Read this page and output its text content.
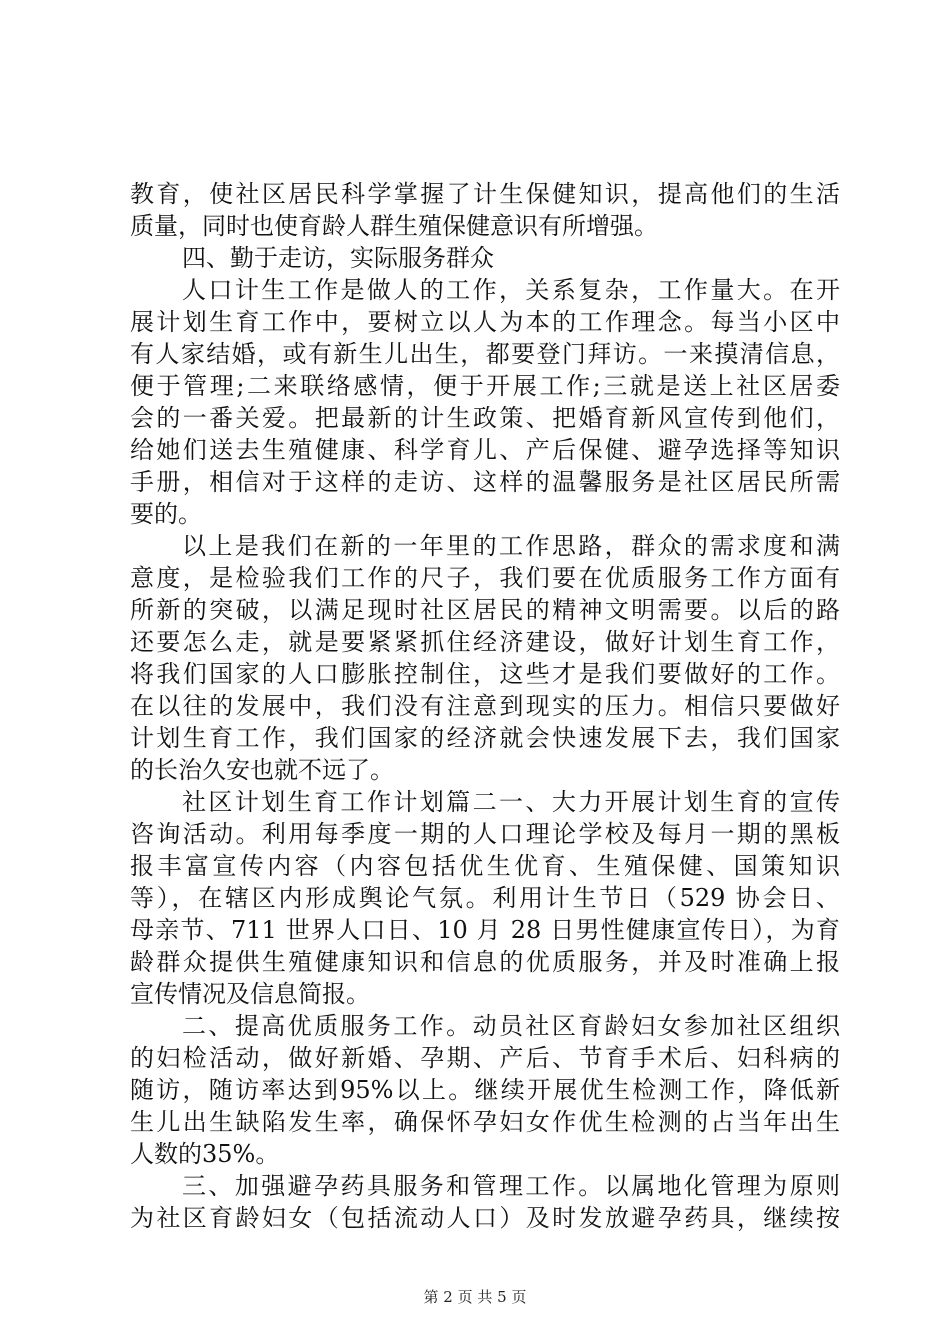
教育，使社区居民科学掌握了计生保健知识，提高他们的生活
质量，同时也使育龄人群生殖保健意识有所增强。
四、勤于走访，实际服务群众
人口计生工作是做人的工作，关系复杂，工作量大。在开
展计划生育工作中，要树立以人为本的工作理念。每当小区中
有人家结婚，或有新生儿出生，都要登门拜访。一来摸清信息，
便于管理;二来联络感情，便于开展工作;三就是送上社区居委
会的一番关爱。把最新的计生政策、把婚育新风宣传到他们，
给她们送去生殖健康、科学育儿、产后保健、避孕选择等知识
手册，相信对于这样的走访、这样的温馨服务是社区居民所需
要的。
以上是我们在新的一年里的工作思路，群众的需求度和满
意度，是检验我们工作的尺子，我们要在优质服务工作方面有
所新的突破，以满足现时社区居民的精神文明需要。以后的路
还要怎么走，就是要紧紧抓住经济建设，做好计划生育工作，
将我们国家的人口膨胀控制住，这些才是我们要做好的工作。
在以往的发展中，我们没有注意到现实的压力。相信只要做好
计划生育工作，我们国家的经济就会快速发展下去，我们国家
的长治久安也就不远了。
社区计划生育工作计划篇二一、大力开展计划生育的宣传
咨询活动。利用每季度一期的人口理论学校及每月一期的黑板
报丰富宣传内容（内容包括优生优育、生殖保健、国策知识
等），在辖区内形成舆论气氛。利用计生节日（529 协会日、
母亲节、711 世界人口日、10 月 28 日男性健康宣传日），为育
龄群众提供生殖健康知识和信息的优质服务，并及时准确上报
宣传情况及信息简报。
二、提高优质服务工作。动员社区育龄妇女参加社区组织
的妇检活动，做好新婚、孕期、产后、节育手术后、妇科病的
随访，随访率达到95%以上。继续开展优生检测工作，降低新
生儿出生缺陷发生率，确保怀孕妇女作优生检测的占当年出生
人数的35%。
三、加强避孕药具服务和管理工作。以属地化管理为原则
为社区育龄妇女（包括流动人口）及时发放避孕药具，继续按
第 2 页 共 5 页
